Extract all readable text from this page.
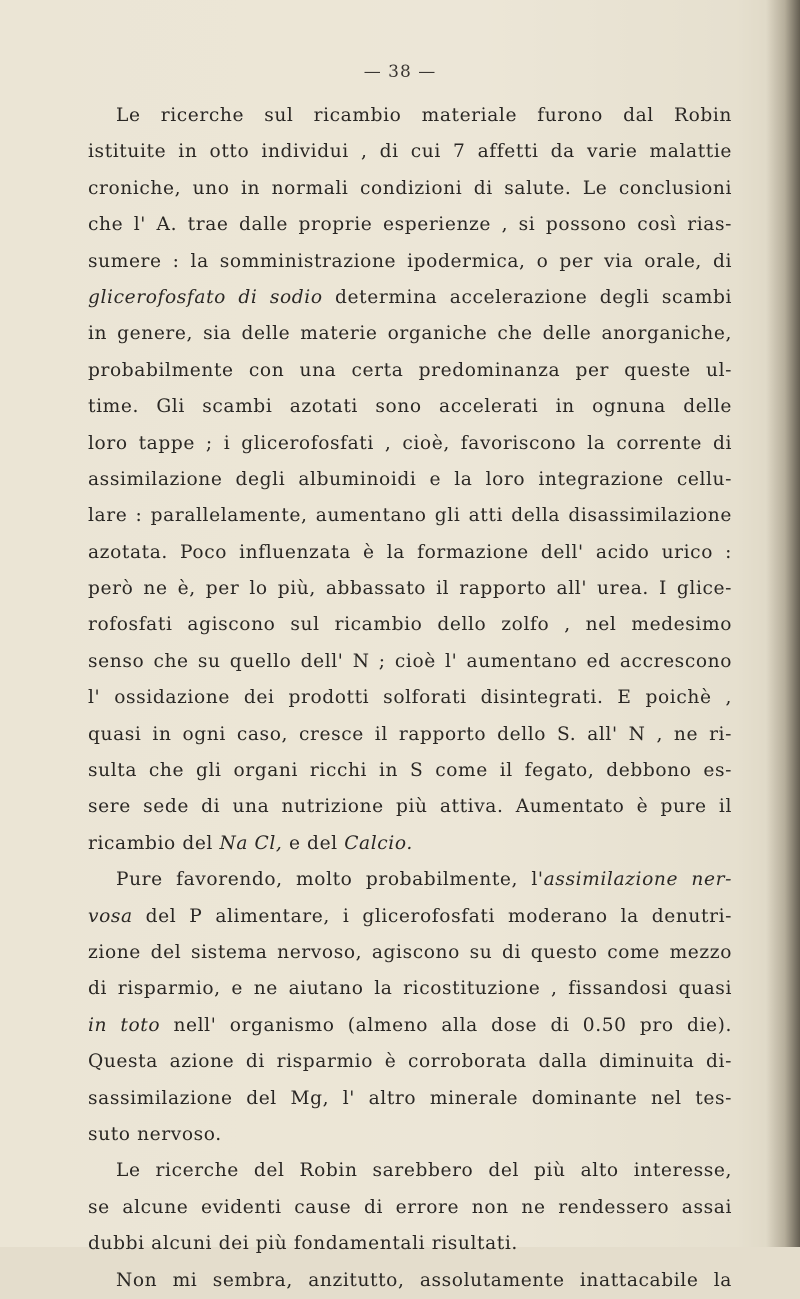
— 38 —
Le ricerche sul ricambio materiale furono dal Robin
istituite in otto individui , di cui 7 affetti da varie malattie
croniche, uno in normali condizioni di salute. Le conclusioni
che l' A. trae dalle proprie esperienze , si possono così rias-
sumere : la somministrazione ipodermica, o per via orale, di
glicerofosfato di sodio determina accelerazione degli scambi
in genere, sia delle materie organiche che delle anorganiche,
probabilmente con una certa predominanza per queste ul-
time. Gli scambi azotati sono accelerati in ognuna delle
loro tappe ; i glicerofosfati , cioè, favoriscono la corrente di
assimilazione degli albuminoidi e la loro integrazione cellu-
lare : parallelamente, aumentano gli atti della disassimilazione
azotata. Poco influenzata è la formazione dell' acido urico :
però ne è, per lo più, abbassato il rapporto all' urea. I glice-
rofosfati agiscono sul ricambio dello zolfo , nel medesimo
senso che su quello dell' N ; cioè l' aumentano ed accrescono
l' ossidazione dei prodotti solforati disintegrati. E poichè ,
quasi in ogni caso, cresce il rapporto dello S. all' N , ne ri-
sulta che gli organi ricchi in S come il fegato, debbono es-
sere sede di una nutrizione più attiva. Aumentato è pure il
ricambio del Na Cl, e del Calcio.
Pure favorendo, molto probabilmente, l'assimilazione ner-
vosa del P alimentare, i glicerofosfati moderano la denutri-
zione del sistema nervoso, agiscono su di questo come mezzo
di risparmio, e ne aiutano la ricostituzione , fissandosi quasi
in toto nell' organismo (almeno alla dose di 0.50 pro die).
Questa azione di risparmio è corroborata dalla diminuita di-
sassimilazione del Mg, l' altro minerale dominante nel tes-
suto nervoso.
Le ricerche del Robin sarebbero del più alto interesse,
se alcune evidenti cause di errore non ne rendessero assai
dubbi alcuni dei più fondamentali risultati.
Non mi sembra, anzitutto, assolutamente inattacabile la
